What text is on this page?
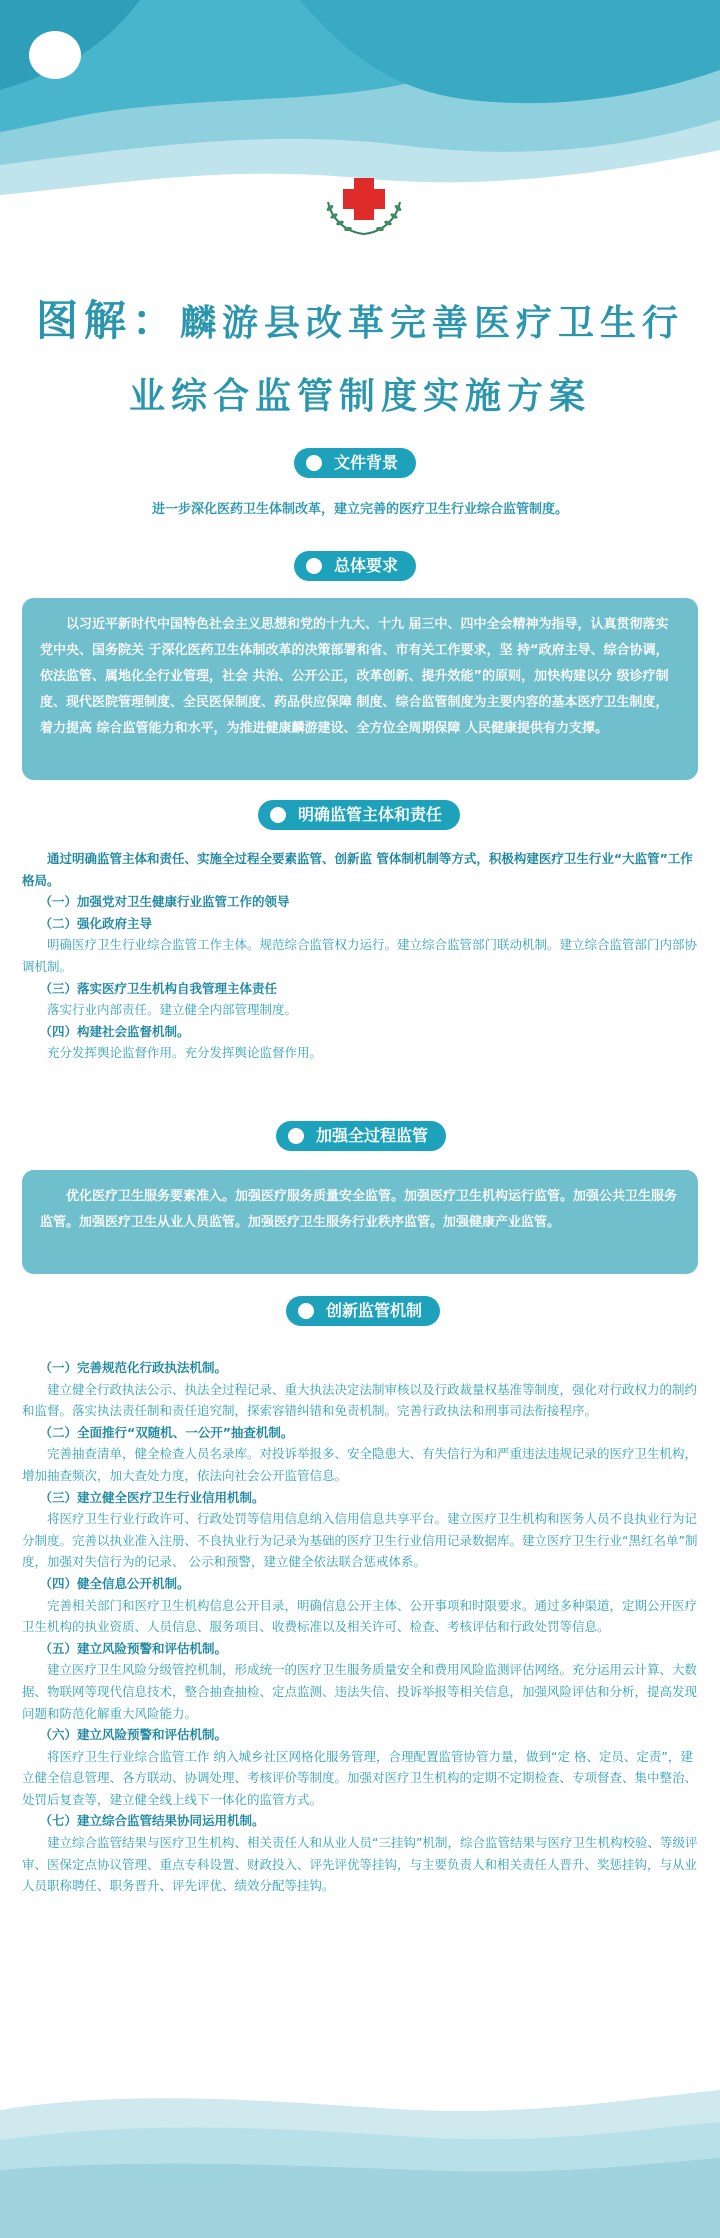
图解：麟游县改革完善医疗卫生行
业综合监管制度实施方案
文件背景
进一步深化医药卫生体制改革，建立完善的医疗卫生行业综合监管制度。
总体要求
以习近平新时代中国特色社会主义思想和党的十九大、十九 届三中、四中全会精神为指导，认真贯彻落实党中央、国务院关 于深化医药卫生体制改革的决策部署和省、市有关工作要求，坚 持“政府主导、综合协调，依法监管、属地化全行业管理，社会 共治、公开公正，改革创新、提升效能”的原则，加快构建以分 级诊疗制度、现代医院管理制度、全民医保制度、药品供应保障 制度、综合监管制度为主要内容的基本医疗卫生制度，着力提高 综合监管能力和水平，为推进健康麟游建设、全方位全周期保障 人民健康提供有力支撑。
明确监管主体和责任

通过明确监管主体和责任、实施全过程全要素监管、创新监 管体制机制等方式，积极构建医疗卫生行业“大监管”工作格局。

（一）加强党对卫生健康行业监管工作的领导

（二）强化政府主导

明确医疗卫生行业综合监管工作主体。规范综合监管权力运行。建立综合监管部门联动机制。建立综合监管部门内部协调机制。

（三）落实医疗卫生机构自我管理主体责任

落实行业内部责任。建立健全内部管理制度。

（四）构建社会监督机制。

充分发挥舆论监督作用。充分发挥舆论监督作用。

加强全过程监管
优化医疗卫生服务要素准入。加强医疗服务质量安全监管。加强医疗卫生机构运行监管。加强公共卫生服务监管。加强医疗卫生从业人员监管。加强医疗卫生服务行业秩序监管。加强健康产业监管。
创新监管机制

（一）完善规范化行政执法机制。

建立健全行政执法公示、执法全过程记录、重大执法决定法制审核以及行政裁量权基准等制度，强化对行政权力的制约和监督。落实执法责任制和责任追究制，探索容错纠错和免责机制。完善行政执法和刑事司法衔接程序。

（二）全面推行“双随机、一公开”抽查机制。

完善抽查清单，健全检查人员名录库。对投诉举报多、安全隐患大、有失信行为和严重违法违规记录的医疗卫生机构，增加抽查频次，加大查处力度，依法向社会公开监管信息。

（三）建立健全医疗卫生行业信用机制。

将医疗卫生行业行政许可、行政处罚等信用信息纳入信用信息共享平台。建立医疗卫生机构和医务人员不良执业行为记分制度。完善以执业准入注册、不良执业行为记录为基础的医疗卫生行业信用记录数据库。建立医疗卫生行业“黑红名单”制度，加强对失信行为的记录、 公示和预警，建立健全依法联合惩戒体系。

（四）健全信息公开机制。

完善相关部门和医疗卫生机构信息公开目录，明确信息公开主体、公开事项和时限要求。通过多种渠道，定期公开医疗卫生机构的执业资质、人员信息、服务项目、收费标准以及相关许可、检查、考核评估和行政处罚等信息。

（五）建立风险预警和评估机制。

建立医疗卫生风险分级管控机制，形成统一的医疗卫生服务质量安全和费用风险监测评估网络。充分运用云计算、大数据、物联网等现代信息技术，整合抽查抽检、定点监测、违法失信、投诉举报等相关信息，加强风险评估和分析，提高发现问题和防范化解重大风险能力。

（六）建立风险预警和评估机制。

将医疗卫生行业综合监管工作 纳入城乡社区网格化服务管理，合理配置监管协管力量，做到“定 格、定员、定责”，建立健全信息管理、各方联动、协调处理、考核评价等制度。加强对医疗卫生机构的定期不定期检查、专项督查、集中整治、处罚后复查等，建立健全线上线下一体化的监管方式。

（七）建立综合监管结果协同运用机制。

建立综合监管结果与医疗卫生机构、相关责任人和从业人员“三挂钩”机制，综合监管结果与医疗卫生机构校验、等级评审、医保定点协议管理、重点专科设置、财政投入、评先评优等挂钩，与主要负责人和相关责任人晋升、奖惩挂钩，与从业人员职称聘任、职务晋升、评先评优、绩效分配等挂钩。
